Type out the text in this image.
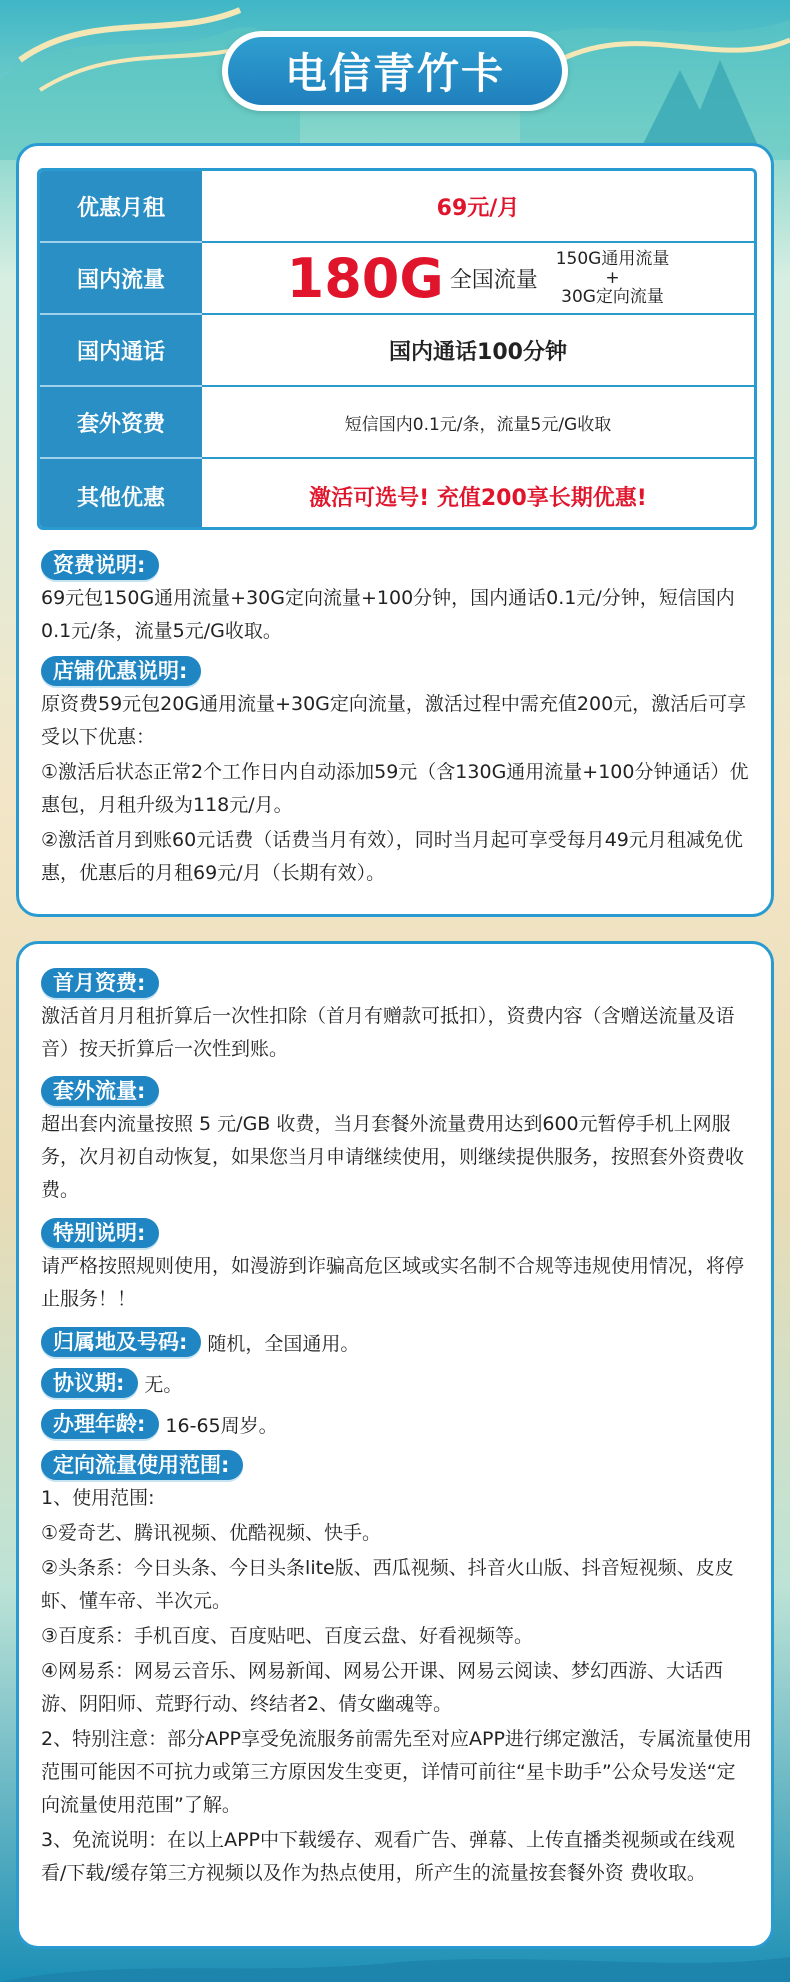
电信青竹卡
优惠月租	69元/月
国内流量	180G 全国流量
150G通用流量
+
30G定向流量
国内通话	国内通话100分钟
套外资费	短信国内0.1元/条，流量5元/G收取
其他优惠	激活可选号! 充值200享长期优惠!
资费说明:
69元包150G通用流量+30G定向流量+100分钟，国内通话0.1元/分钟，短信国内0.1元/条，流量5元/G收取。
店铺优惠说明:
原资费59元包20G通用流量+30G定向流量，激活过程中需充值200元，激活后可享受以下优惠：
①激活后状态正常2个工作日内自动添加59元（含130G通用流量+100分钟通话）优惠包，月租升级为118元/月。
②激活首月到账60元话费（话费当月有效），同时当月起可享受每月49元月租减免优惠，优惠后的月租69元/月（长期有效）。
首月资费:
激活首月月租折算后一次性扣除（首月有赠款可抵扣），资费内容（含赠送流量及语音）按天折算后一次性到账。
套外流量:
超出套内流量按照 5 元/GB 收费，当月套餐外流量费用达到600元暂停手机上网服务，次月初自动恢复，如果您当月申请继续使用，则继续提供服务，按照套外资费收费。
特别说明:
请严格按照规则使用，如漫游到诈骗高危区域或实名制不合规等违规使用情况，将停止服务！！
归属地及号码:	随机，全国通用。
协议期:	无。
办理年龄:	16-65周岁。
定向流量使用范围:
1、使用范围:
①爱奇艺、腾讯视频、优酷视频、快手。
②头条系：今日头条、今日头条lite版、西瓜视频、抖音火山版、抖音短视频、皮皮虾、懂车帝、半次元。
③百度系：手机百度、百度贴吧、百度云盘、好看视频等。
④网易系：网易云音乐、网易新闻、网易公开课、网易云阅读、梦幻西游、大话西游、阴阳师、荒野行动、终结者2、倩女幽魂等。
2、特别注意：部分APP享受免流服务前需先至对应APP进行绑定激活，专属流量使用范围可能因不可抗力或第三方原因发生变更，详情可前往“星卡助手”公众号发送“定向流量使用范围”了解。
3、免流说明：在以上APP中下载缓存、观看广告、弹幕、上传直播类视频或在线观看/下载/缓存第三方视频以及作为热点使用，所产生的流量按套餐外资 费收取。
